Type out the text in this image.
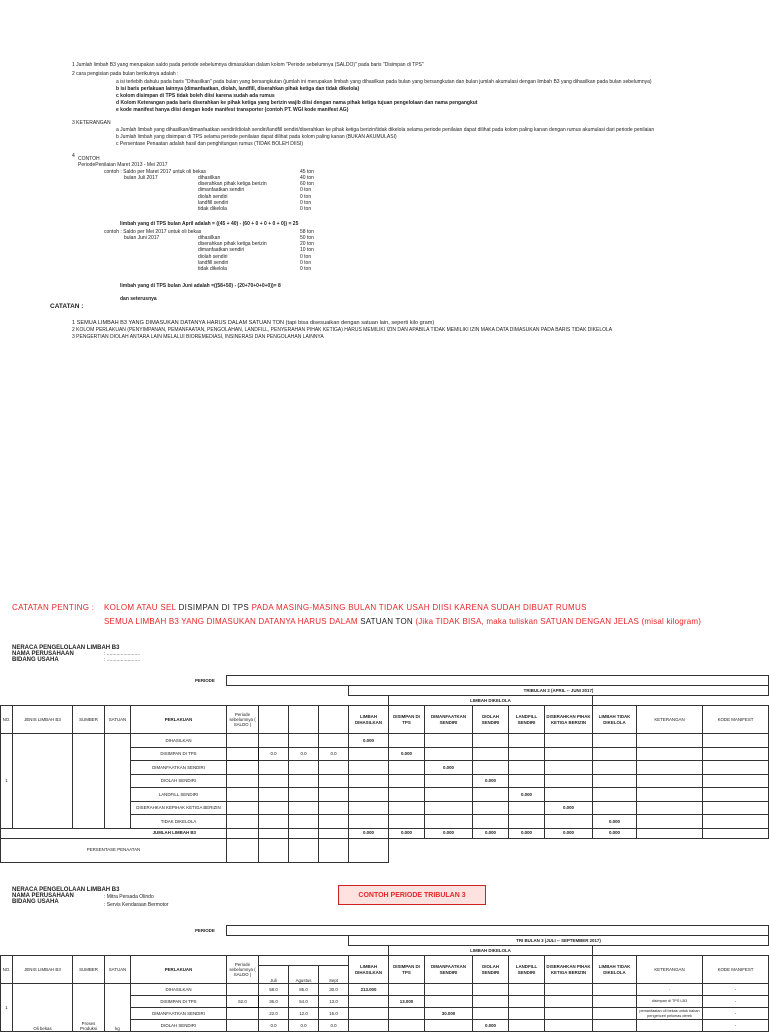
1 Jumlah limbah B3 yang merupakan saldo pada periode sebelumnya dimasukkan dalam kolom "Periode sebelumnya (SALDO)" pada baris "Disimpan di TPS"
2 cara pengisian pada bulan berikutnya adalah :
a isi terlebih dahulu pada baris "Dihasilkan" pada bulan yang bersangkutan (jumlah ini merupakan limbah yang dihasilkan pada bulan yang bersangkutan dan bulan jumlah akumulasi dengan limbah B3 yang dihasilkan pada bulan sebelumnya)
b isi baris perlakuan lainnya (dimanfaatkan, diolah, landfill, diserahkan pihak ketiga dan tidak dikelola)
c kolom disimpan di TPS tidak boleh diisi karena sudah ada rumus
d Kolom Keterangan pada baris diserahkan ke pihak ketiga yang berizin wajib diisi dengan nama pihak ketiga tujuan pengelolaan dan nama pengangkut
e kode manifest hanya diisi dengan kode manifest transporter (contoh PT. WGI kode manifest AG)
3 KETERANGAN
a Jumlah limbah yang dihasilkan/dimanfaatkan sendiri/diolah sendiri/landfill sendiri/diserahkan ke pihak ketiga berizin/tidak dikelola selama periode penilaian dapat dilihat pada kolom paling kanan dengan rumus akumulasi dari periode penilaian
b Jumlah limbah yang disimpan di TPS selama periode penilaian dapat dilihat pada kolom paling kanan (BUKAN AKUMULASI)
c Persentase Penaatan adalah hasil dan penghitungan rumus (TIDAK BOLEH DIISI)
4 CONTOH
PeriodePenilaian Maret 2013 - Mei 2017
contoh : Saldo per Maret 2017 untuk oli bekas	45 ton
bulan Juli 2017	dihasilkan	40 ton
diserahkan pihak ketiga berizin	60 ton
dimanfaatkan sendiri	0 ton
diolah sendiri	0 ton
landfill sendiri	0 ton
tidak dikelola	0 ton
limbah yang di TPS bulan April adalah = ((45 + 40) - (60 + 0 + 0 + 0 + 0)) = 25
contoh : Saldo per Mei 2017 untuk oli bekas	58 ton
bulan Juni 2017	dihasilkan	50 ton
diserahkan pihak ketiga berizin	20 ton
dimanfaatkan sendiri	10 ton
diolah sendiri	0 ton
landfill sendiri	0 ton
tidak dikelola	0 ton
limbah yang di TPS bulan Juni adalah =((58+50) - (20+70+0+0+0))= 8
dan seterusnya
CATATAN :
1 SEMUA LIMBAH B3 YANG DIMASUKAN DATANYA HARUS DALAM SATUAN TON (tapi bisa disesuaikan dengan satuan lain, seperti kilo gram)
2 KOLOM PERLAKUAN (PENYIMPANAN, PEMANFAATAN, PENGOLAHAN, LANDFILL, PENYERAHAN PIHAK KETIGA) HARUS MEMILIKI IZIN DAN APABILA TIDAK MEMILIKI IZIN MAKA DATA DIMASUKAN PADA BARIS TIDAK DIKELOLA
3 PENGERTIAN DIOLAH ANTARA LAIN MELALUI BIOREMEDIASI, INSINERASI DAN PENGOLAHAN LAINNYA
CATATAN PENTING : KOLOM ATAU SEL DISIMPAN DI TPS PADA MASING-MASING BULAN TIDAK USAH DIISI KARENA SUDAH DIBUAT RUMUS
SEMUA LIMBAH B3 YANG DIMASUKAN DATANYA HARUS DALAM SATUAN TON (Jika TIDAK BISA, maka tuliskan SATUAN DENGAN JELAS (misal kilogram)
NERACA PENGELOLAAN LIMBAH B3
NAMA PERUSAHAAN
BIDANG USAHA
: ........................
: ........................
					PERIODE												
									TRIBULAN 2 (APRIL -- JUNI 2017)								
										LIMBAH DIKELOLA							
NO.	JENIS LIMBAH B3	SUMBER	SATUAN	PERLAKUAN	Periode sebelumnya ( SALDO )				LIMBAH DIHASILKAN	DISIMPAN DI TPS	DIMANFAATKAN SENDIRI	DIOLAH SENDIRI	LANDFILL SENDIRI	DISERAHKAN PIHAK KETIGA BERIZIN	LIMBAH TIDAK DIKELOLA	KETERANGAN	KODE MANIFEST
1				DIHASILKAN					0.000								
				DISIMPAN DI TPS		0.0	0.0	0.0		0.000							
				DIMANFAATKAN SENDIRI							0.000						
				DIOLAH SENDIRI								0.000					
				LANDFILL SENDIRI									0.000				
				DISERAHKAN KEPIHAK KETIGA BERIZIN										0.000			
				TIDAK DIKELOLA											0.000		
JUMLAH LIMBAH B3									0.000	0.000	0.000	0.000	0.000	0.000	0.000		
PERSENTASE PENAATAN																	
NERACA PENGELOLAAN LIMBAH B3
NAMA PERUSAHAAN
BIDANG USAHA
: Mitra Persada Olindo
: Servis Kendaraan Bermotor
CONTOH PERIODE TRIBULAN 3
					PERIODE												
									TRI BULAN 3 (JULI -- SEPTEMBER 2017)								
										LIMBAH DIKELOLA							
NO.	JENIS LIMBAH B3	SUMBER	SATUAN	PERLAKUAN	Periode sebelumnya ( SALDO )				LIMBAH DIHASILKAN	DISIMPAN DI TPS	DIMANFAATKAN SENDIRI	DIOLAH SENDIRI	LANDFILL SENDIRI	DISERAHKAN PIHAK KETIGA BERIZIN	LIMBAH TIDAK DIKELOLA	KETERANGAN	KODE MANIFEST
						Juli	Agustus	Sept									
1	Oli bekas	Proses Produksi	kg	DIHASILKAN		58.0	85.0	30.0	213.000							-	-
				DISIMPAN DI TPS	62.0	36.0	54.0	13.0		13.000						disimpan di TPS LB3	-
				DIMANFAATKAN SENDIRI		22.0	12.0	16.0			30.000					pemanfaatan oli bekas untuk bahan pengenceri pelumas derek	-
				DIOLAH SENDIRI		0.0	0.0	0.0				0.000					-
